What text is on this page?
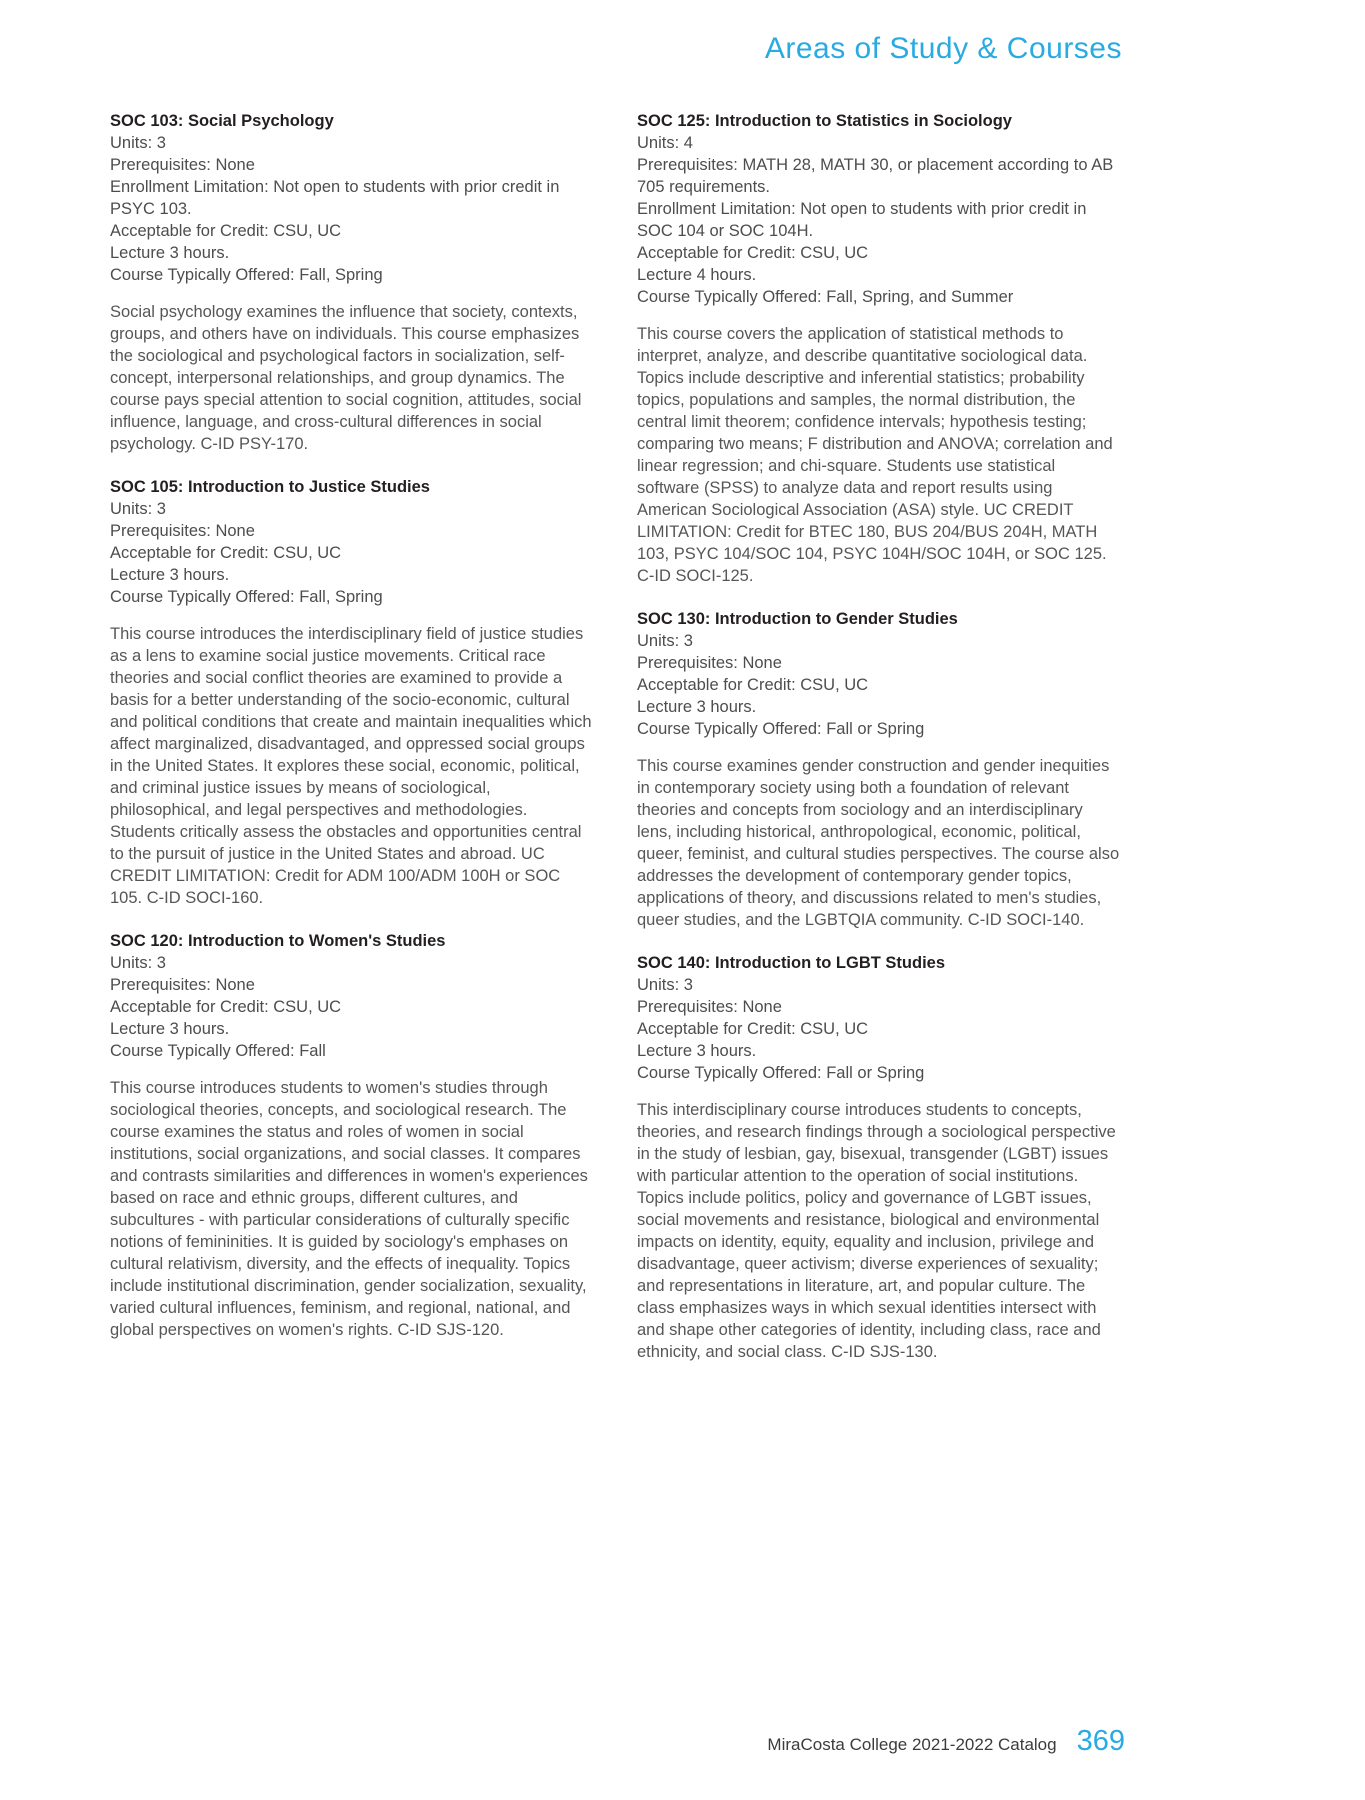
Areas of Study & Courses
SOC 103: Social Psychology
Units: 3
Prerequisites: None
Enrollment Limitation: Not open to students with prior credit in PSYC 103.
Acceptable for Credit: CSU, UC
Lecture 3 hours.
Course Typically Offered: Fall, Spring

Social psychology examines the influence that society, contexts, groups, and others have on individuals. This course emphasizes the sociological and psychological factors in socialization, self-concept, interpersonal relationships, and group dynamics. The course pays special attention to social cognition, attitudes, social influence, language, and cross-cultural differences in social psychology. C-ID PSY-170.

SOC 105: Introduction to Justice Studies
Units: 3
Prerequisites: None
Acceptable for Credit: CSU, UC
Lecture 3 hours.
Course Typically Offered: Fall, Spring

This course introduces the interdisciplinary field of justice studies as a lens to examine social justice movements. Critical race theories and social conflict theories are examined to provide a basis for a better understanding of the socio-economic, cultural and political conditions that create and maintain inequalities which affect marginalized, disadvantaged, and oppressed social groups in the United States. It explores these social, economic, political, and criminal justice issues by means of sociological, philosophical, and legal perspectives and methodologies. Students critically assess the obstacles and opportunities central to the pursuit of justice in the United States and abroad. UC CREDIT LIMITATION: Credit for ADM 100/ADM 100H or SOC 105. C-ID SOCI-160.

SOC 120: Introduction to Women's Studies
Units: 3
Prerequisites: None
Acceptable for Credit: CSU, UC
Lecture 3 hours.
Course Typically Offered: Fall

This course introduces students to women's studies through sociological theories, concepts, and sociological research. The course examines the status and roles of women in social institutions, social organizations, and social classes. It compares and contrasts similarities and differences in women's experiences based on race and ethnic groups, different cultures, and subcultures - with particular considerations of culturally specific notions of femininities. It is guided by sociology's emphases on cultural relativism, diversity, and the effects of inequality. Topics include institutional discrimination, gender socialization, sexuality, varied cultural influences, feminism, and regional, national, and global perspectives on women's rights. C-ID SJS-120.

SOC 125: Introduction to Statistics in Sociology
Units: 4
Prerequisites: MATH 28, MATH 30, or placement according to AB 705 requirements.
Enrollment Limitation: Not open to students with prior credit in SOC 104 or SOC 104H.
Acceptable for Credit: CSU, UC
Lecture 4 hours.
Course Typically Offered: Fall, Spring, and Summer

This course covers the application of statistical methods to interpret, analyze, and describe quantitative sociological data. Topics include descriptive and inferential statistics; probability topics, populations and samples, the normal distribution, the central limit theorem; confidence intervals; hypothesis testing; comparing two means; F distribution and ANOVA; correlation and linear regression; and chi-square. Students use statistical software (SPSS) to analyze data and report results using American Sociological Association (ASA) style. UC CREDIT LIMITATION: Credit for BTEC 180, BUS 204/BUS 204H, MATH 103, PSYC 104/SOC 104, PSYC 104H/SOC 104H, or SOC 125. C-ID SOCI-125.

SOC 130: Introduction to Gender Studies
Units: 3
Prerequisites: None
Acceptable for Credit: CSU, UC
Lecture 3 hours.
Course Typically Offered: Fall or Spring

This course examines gender construction and gender inequities in contemporary society using both a foundation of relevant theories and concepts from sociology and an interdisciplinary lens, including historical, anthropological, economic, political, queer, feminist, and cultural studies perspectives. The course also addresses the development of contemporary gender topics, applications of theory, and discussions related to men's studies, queer studies, and the LGBTQIA community. C-ID SOCI-140.

SOC 140: Introduction to LGBT Studies
Units: 3
Prerequisites: None
Acceptable for Credit: CSU, UC
Lecture 3 hours.
Course Typically Offered: Fall or Spring

This interdisciplinary course introduces students to concepts, theories, and research findings through a sociological perspective in the study of lesbian, gay, bisexual, transgender (LGBT) issues with particular attention to the operation of social institutions. Topics include politics, policy and governance of LGBT issues, social movements and resistance, biological and environmental impacts on identity, equity, equality and inclusion, privilege and disadvantage, queer activism; diverse experiences of sexuality; and representations in literature, art, and popular culture. The class emphasizes ways in which sexual identities intersect with and shape other categories of identity, including class, race and ethnicity, and social class. C-ID SJS-130.

MiraCosta College 2021-2022 Catalog 369
